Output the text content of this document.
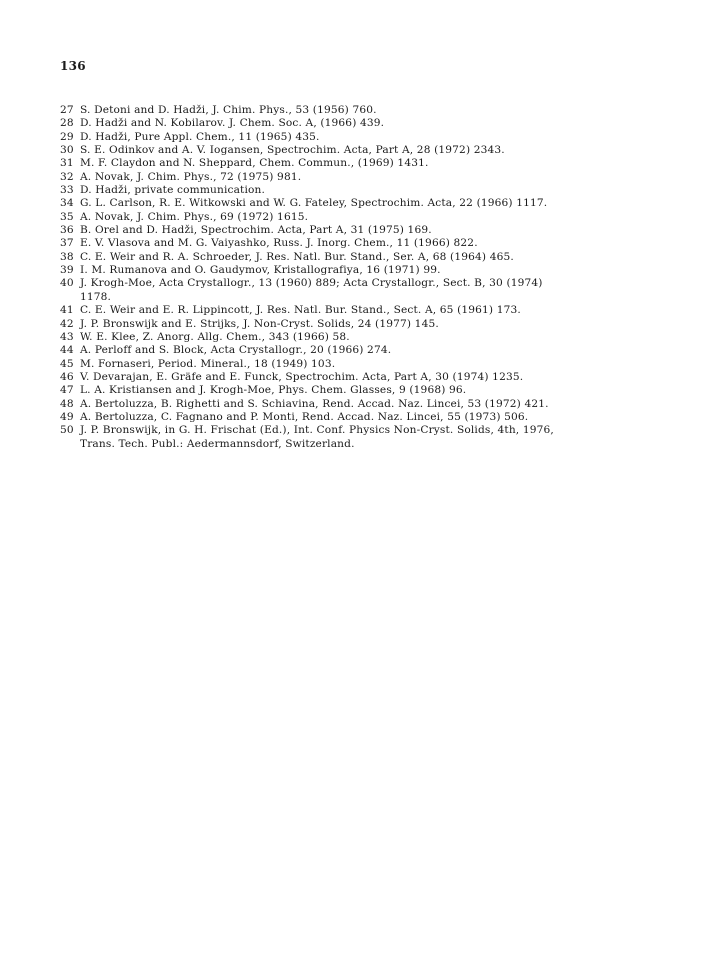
136
27 S. Detoni and D. Hadži, J. Chim. Phys., 53 (1956) 760.
28 D. Hadži and N. Kobilarov. J. Chem. Soc. A, (1966) 439.
29 D. Hadži, Pure Appl. Chem., 11 (1965) 435.
30 S. E. Odinkov and A. V. Iogansen, Spectrochim. Acta, Part A, 28 (1972) 2343.
31 M. F. Claydon and N. Sheppard, Chem. Commun., (1969) 1431.
32 A. Novak, J. Chim. Phys., 72 (1975) 981.
33 D. Hadži, private communication.
34 G. L. Carlson, R. E. Witkowski and W. G. Fateley, Spectrochim. Acta, 22 (1966) 1117.
35 A. Novak, J. Chim. Phys., 69 (1972) 1615.
36 B. Orel and D. Hadži, Spectrochim. Acta, Part A, 31 (1975) 169.
37 E. V. Vlasova and M. G. Vaiyashko, Russ. J. Inorg. Chem., 11 (1966) 822.
38 C. E. Weir and R. A. Schroeder, J. Res. Natl. Bur. Stand., Ser. A, 68 (1964) 465.
39 I. M. Rumanova and O. Gaudymov, Kristallografiya, 16 (1971) 99.
40 J. Krogh-Moe, Acta Crystallogr., 13 (1960) 889; Acta Crystallogr., Sect. B, 30 (1974)
1178.
41 C. E. Weir and E. R. Lippincott, J. Res. Natl. Bur. Stand., Sect. A, 65 (1961) 173.
42 J. P. Bronswijk and E. Strijks, J. Non-Cryst. Solids, 24 (1977) 145.
43 W. E. Klee, Z. Anorg. Allg. Chem., 343 (1966) 58.
44 A. Perloff and S. Block, Acta Crystallogr., 20 (1966) 274.
45 M. Fornaseri, Period. Mineral., 18 (1949) 103.
46 V. Devarajan, E. Gräfe and E. Funck, Spectrochim. Acta, Part A, 30 (1974) 1235.
47 L. A. Kristiansen and J. Krogh-Moe, Phys. Chem. Glasses, 9 (1968) 96.
48 A. Bertoluzza, B. Righetti and S. Schiavina, Rend. Accad. Naz. Lincei, 53 (1972) 421.
49 A. Bertoluzza, C. Fagnano and P. Monti, Rend. Accad. Naz. Lincei, 55 (1973) 506.
50 J. P. Bronswijk, in G. H. Frischat (Ed.), Int. Conf. Physics Non-Cryst. Solids, 4th, 1976,
Trans. Tech. Publ.: Aedermannsdorf, Switzerland.
